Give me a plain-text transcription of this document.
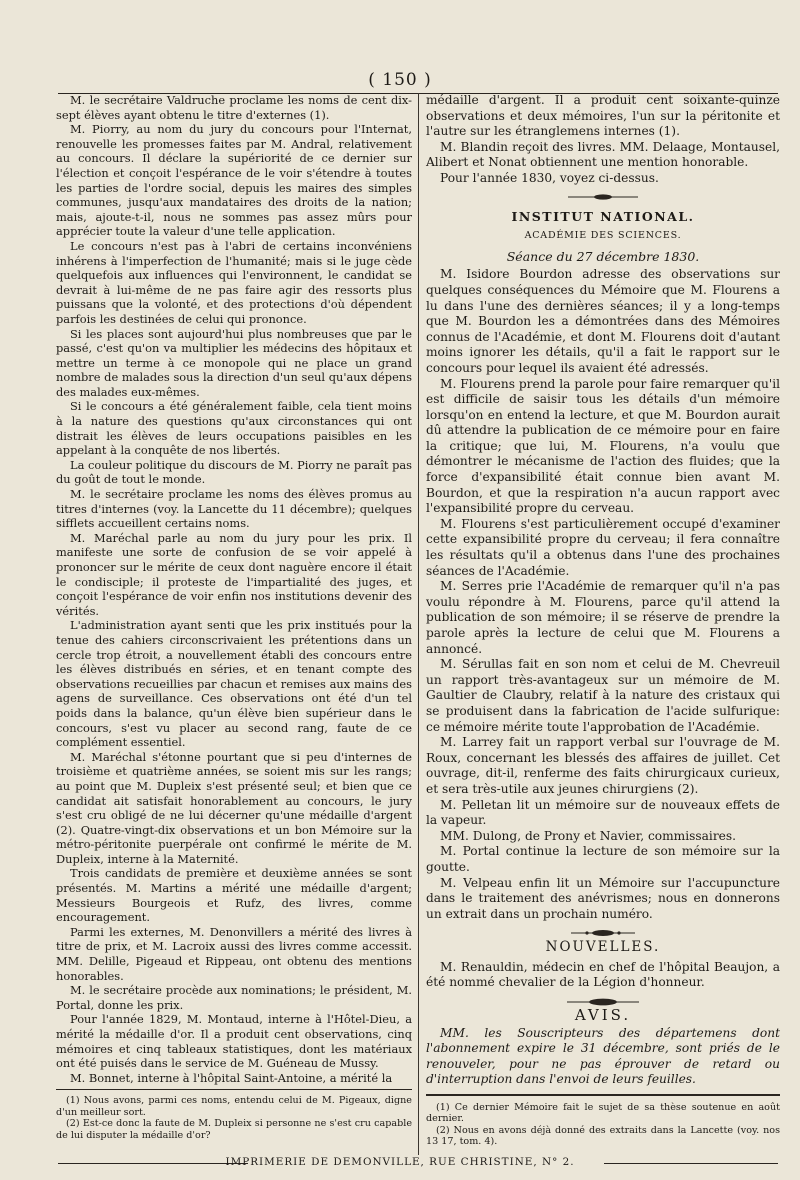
( 150 )

M. le secrétaire Valdruche proclame les noms de cent dix-sept élèves ayant obtenu le titre d'externes (1).

M. Piorry, au nom du jury du concours pour l'Internat, renouvelle les promesses faites par M. Andral, relativement au concours. Il déclare la supériorité de ce dernier sur l'élection et conçoit l'espérance de le voir s'étendre à toutes les parties de l'ordre social, depuis les maires des simples communes, jusqu'aux mandataires des droits de la nation; mais, ajoute-t-il, nous ne sommes pas assez mûrs pour apprécier toute la valeur d'une telle application.

Le concours n'est pas à l'abri de certains inconvéniens inhérens à l'imperfection de l'humanité; mais si le juge cède quelquefois aux influences qui l'environnent, le candidat se devrait à lui-même de ne pas faire agir des ressorts plus puissans que la volonté, et des protections d'où dépendent parfois les destinées de celui qui prononce.

Si les places sont aujourd'hui plus nombreuses que par le passé, c'est qu'on va multiplier les médecins des hôpitaux et mettre un terme à ce monopole qui ne place un grand nombre de malades sous la direction d'un seul qu'aux dépens des malades eux-mêmes.

Si le concours a été généralement faible, cela tient moins à la nature des questions qu'aux circonstances qui ont distrait les élèves de leurs occupations paisibles en les appelant à la conquête de nos libertés.

La couleur politique du discours de M. Piorry ne paraît pas du goût de tout le monde.

M. le secrétaire proclame les noms des élèves promus au titres d'internes (voy. la Lancette du 11 décembre); quelques sifflets accueillent certains noms.

M. Maréchal parle au nom du jury pour les prix. Il manifeste une sorte de confusion de se voir appelé à prononcer sur le mérite de ceux dont naguère encore il était le condisciple; il proteste de l'impartialité des juges, et conçoit l'espérance de voir enfin nos institutions devenir des vérités.

L'administration ayant senti que les prix institués pour la tenue des cahiers circonscrivaient les prétentions dans un cercle trop étroit, a nouvellement établi des concours entre les élèves distribués en séries, et en tenant compte des observations recueillies par chacun et remises aux mains des agens de surveillance. Ces observations ont été d'un tel poids dans la balance, qu'un élève bien supérieur dans le concours, s'est vu placer au second rang, faute de ce complément essentiel.

M. Maréchal s'étonne pourtant que si peu d'internes de troisième et quatrième années, se soient mis sur les rangs; au point que M. Dupleix s'est présenté seul; et bien que ce candidat ait satisfait honorablement au concours, le jury s'est cru obligé de ne lui décerner qu'une médaille d'argent (2). Quatre-vingt-dix observations et un bon Mémoire sur la métro-péritonite puerpérale ont confirmé le mérite de M. Dupleix, interne à la Maternité.

Trois candidats de première et deuxième années se sont présentés. M. Martins a mérité une médaille d'argent; Messieurs Bourgeois et Rufz, des livres, comme encouragement.

Parmi les externes, M. Denonvillers a mérité des livres à titre de prix, et M. Lacroix aussi des livres comme accessit. MM. Delille, Pigeaud et Rippeau, ont obtenu des mentions honorables.

M. le secrétaire procède aux nominations; le président, M. Portal, donne les prix.

Pour l'année 1829, M. Montaud, interne à l'Hôtel-Dieu, a mérité la médaille d'or. Il a produit cent observations, cinq mémoires et cinq tableaux statistiques, dont les matériaux ont été puisés dans le service de M. Guéneau de Mussy.

M. Bonnet, interne à l'hôpital Saint-Antoine, a mérité la

(1) Nous avons, parmi ces noms, entendu celui de M. Pigeaux, digne d'un meilleur sort.

(2) Est-ce donc la faute de M. Dupleix si personne ne s'est cru capable de lui disputer la médaille d'or?

médaille d'argent. Il a produit cent soixante-quinze observations et deux mémoires, l'un sur la péritonite et l'autre sur les étranglemens internes (1).

M. Blandin reçoit des livres. MM. Delaage, Montausel, Alibert et Nonat obtiennent une mention honorable.

Pour l'année 1830, voyez ci-dessus.

INSTITUT NATIONAL.
ACADÉMIE DES SCIENCES.
Séance du 27 décembre 1830.

M. Isidore Bourdon adresse des observations sur quelques conséquences du Mémoire que M. Flourens a lu dans l'une des dernières séances; il y a long-temps que M. Bourdon les a démontrées dans des Mémoires connus de l'Académie, et dont M. Flourens doit d'autant moins ignorer les détails, qu'il a fait le rapport sur le concours pour lequel ils avaient été adressés.

M. Flourens prend la parole pour faire remarquer qu'il est difficile de saisir tous les détails d'un mémoire lorsqu'on en entend la lecture, et que M. Bourdon aurait dû attendre la publication de ce mémoire pour en faire la critique; que lui, M. Flourens, n'a voulu que démontrer le mécanisme de l'action des fluides; que la force d'expansibilité était connue bien avant M. Bourdon, et que la respiration n'a aucun rapport avec l'expansibilité propre du cerveau.

M. Flourens s'est particulièrement occupé d'examiner cette expansibilité propre du cerveau; il fera connaître les résultats qu'il a obtenus dans l'une des prochaines séances de l'Académie.

M. Serres prie l'Académie de remarquer qu'il n'a pas voulu répondre à M. Flourens, parce qu'il attend la publication de son mémoire; il se réserve de prendre la parole après la lecture de celui que M. Flourens a annoncé.

M. Sérullas fait en son nom et celui de M. Chevreuil un rapport très-avantageux sur un mémoire de M. Gaultier de Claubry, relatif à la nature des cristaux qui se produisent dans la fabrication de l'acide sulfurique: ce mémoire mérite toute l'approbation de l'Académie.

M. Larrey fait un rapport verbal sur l'ouvrage de M. Roux, concernant les blessés des affaires de juillet. Cet ouvrage, dit-il, renferme des faits chirurgicaux curieux, et sera très-utile aux jeunes chirurgiens (2).

M. Pelletan lit un mémoire sur de nouveaux effets de la vapeur.

MM. Dulong, de Prony et Navier, commissaires.

M. Portal continue la lecture de son mémoire sur la goutte.

M. Velpeau enfin lit un Mémoire sur l'accupuncture dans le traitement des anévrismes; nous en donnerons un extrait dans un prochain numéro.

NOUVELLES.

M. Renauldin, médecin en chef de l'hôpital Beaujon, a été nommé chevalier de la Légion d'honneur.

AVIS.

MM. les Souscripteurs des départemens dont l'abonnement expire le 31 décembre, sont priés de le renouveler, pour ne pas éprouver de retard ou d'interruption dans l'envoi de leurs feuilles.

(1) Ce dernier Mémoire fait le sujet de sa thèse soutenue en août dernier.

(2) Nous en avons déjà donné des extraits dans la Lancette (voy. nos 13 17, tom. 4).

IMPRIMERIE DE DEMONVILLE, RUE CHRISTINE, N° 2.
